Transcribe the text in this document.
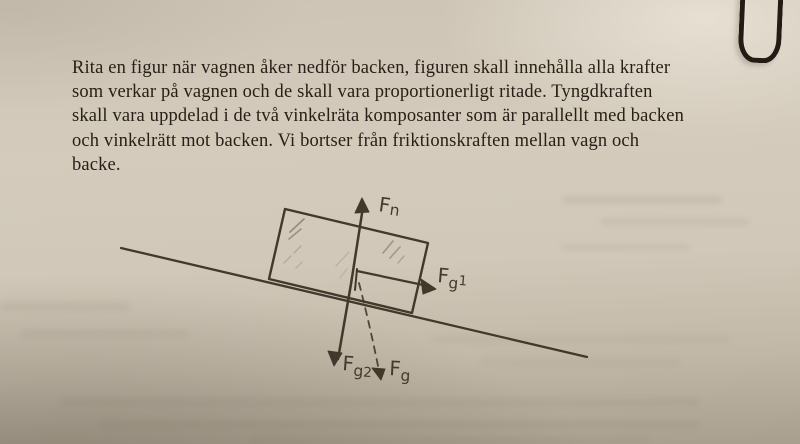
Rita en figur när vagnen åker nedför backen, figuren skall innehålla alla krafter
som verkar på vagnen och de skall vara proportionerligt ritade. Tyngdkraften
skall vara uppdelad i de två vinkelräta komposanter som är parallellt med backen
och vinkelrätt mot backen. Vi bortser från friktionskraften mellan vagn och
backe.
Fn
$F_g^1$
$F_g2$ $F_g$
